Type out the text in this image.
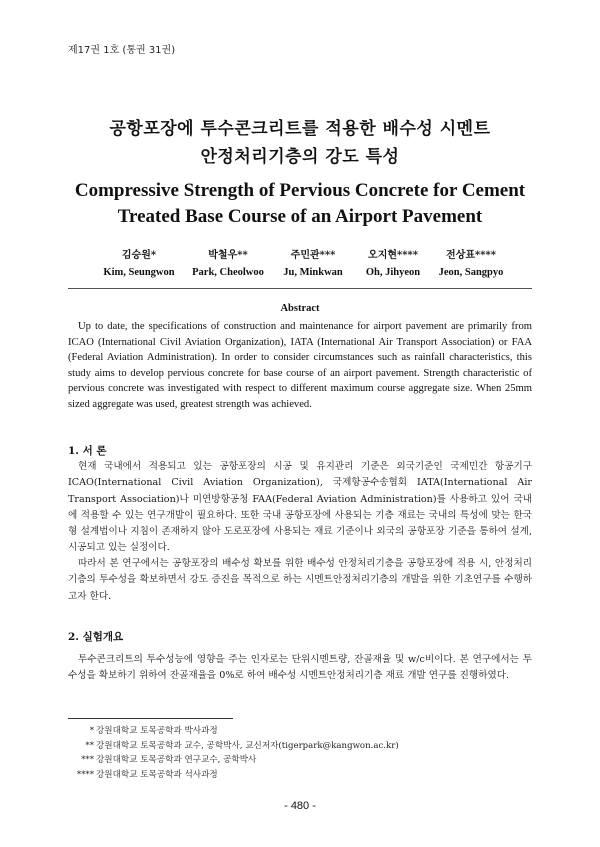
제17권 1호 (통권 31권)
공항포장에 투수콘크리트를 적용한 배수성 시멘트
안정처리기층의 강도 특성
Compressive Strength of Pervious Concrete for Cement
Treated Base Course of an Airport Pavement
김승원*
Kim, Seungwon
박철우**
Park, Cheolwoo
주민관***
Ju, Minkwan
오지현****
Oh, Jihyeon
전상표****
Jeon, Sangpyo
Abstract

Up to date, the specifications of construction and maintenance for airport pavement are primarily from ICAO (International Civil Aviation Organization), IATA (International Air Transport Association) or FAA (Federal Aviation Administration). In order to consider circumstances such as rainfall characteristics, this study aims to develop pervious concrete for base course of an airport pavement. Strength characteristic of pervious concrete was investigated with respect to different maximum course aggregate size. When 25mm sized aggregate was used, greatest strength was achieved.

1. 서 론

현재 국내에서 적용되고 있는 공항포장의 시공 및 유지관리 기준은 외국기준인 국제민간 항공기구 ICAO(International Civil Aviation Organization), 국제항공수송협회 IATA(International Air Transport Association)나 미연방항공청 FAA(Federal Aviation Administration)를 사용하고 있어 국내에 적용할 수 있는 연구개발이 필요하다. 또한 국내 공항포장에 사용되는 기층 재료는 국내의 특성에 맞는 한국형 설계법이나 지침이 존재하지 않아 도로포장에 사용되는 재료 기준이나 외국의 공항포장 기준을 통하여 설계, 시공되고 있는 실정이다.

따라서 본 연구에서는 공항포장의 배수성 확보를 위한 배수성 안정처리기층을 공항포장에 적용 시, 안정처리기층의 투수성을 확보하면서 강도 증진을 목적으로 하는 시멘트안정처리기층의 개발을 위한 기초연구를 수행하고자 한다.

2. 실험개요

투수콘크리트의 투수성능에 영향을 주는 인자로는 단위시멘트량, 잔골재율 및 w/c비이다. 본 연구에서는 투수성을 확보하기 위하여 잔골재율을 0%로 하여 배수성 시멘트안정처리기층 재료 개발 연구를 진행하였다.

* 강원대학교 토목공학과 박사과정
** 강원대학교 토목공학과 교수, 공학박사, 교신저자(tigerpark@kangwon.ac.kr)
*** 강원대학교 토목공학과 연구교수, 공학박사
**** 강원대학교 토목공학과 석사과정
- 480 -
